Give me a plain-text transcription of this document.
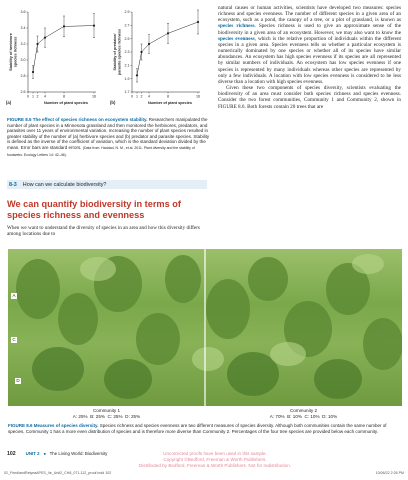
2.6
2.8
3.0
3.2
3.4
3.6
0 1 2 4	8	16
Stability of herbivorespecies richness
(a)	Number of plant species
1.7
1.9
2.1
2.3
2.5
2.7
2.9
0 1 2 4	8	16
Stability of predator/parasite species richness
(b)	Number of plant species
FIGURE 8.5 The effect of species richness on ecosystem stability. Researchers manipulated the number of plant species in a Minnesota grassland and then monitored the herbivores, predators, and parasites over 11 years of environmental variation. Increasing the number of plant species resulted in greater stability of the number of (a) herbivore species and (b) predator and parasite species. Stability is defined as the inverse of the coefficient of variation, which is the standard deviation divided by the mean. Error bars are standard errors. (Data from: Haddad, N. M., et al. 2011. Plant diversity and the stability of foodwebs. Ecology Letters 14: 42–46).
8-3 How can we calculate biodiversity?
We can quantify biodiversity in terms of species richness and evenness
When we want to understand the diversity of species in an area and how this diversity differs among locations due to
natural causes or human activities, scientists have developed two measures: species richness and species evenness. The number of different species in a given area of an ecosystem, such as a pond, the canopy of a tree, or a plot of grassland, is known as species richness. Species richness is used to give an approximate sense of the biodiversity in a given area of an ecosystem. However, we may also want to know the species evenness, which is the relative proportion of individuals within the different species in a given area. Species evenness tells us whether a particular ecosystem is numerically dominated by one species or whether all of its species have similar abundances. An ecosystem has high species evenness if its species are all represented by similar numbers of individuals. An ecosystem has low species evenness if one species is represented by many individuals whereas other species are represented by only a few individuals. A location with low species evenness is considered to be less diverse than a location with high species evenness.
Given these two components of species diversity, scientists evaluating the biodiversity of an area must consider both species richness and species evenness. Consider the two forest communities, Community 1 and Community 2, shown in FIGURE 8.6. Both forests contain 20 trees that are
A
C
D
Community 1
A: 25%  B: 25%  C: 25%  D: 25%
Community 2
A: 70%  B: 10%  C: 10%  D: 10%
FIGURE 8.6 Measures of species diversity. Species richness and species evenness are two different measures of species diversity. Although both communities contain the same number of species, Community 1 has a more even distribution of species and is therefore more diverse than Community 2. Percentages of the four tree species are provided below each community.
102 UNIT 2 ■ The Living World: Biodiversity	Uncorrected proofs have been used in this sample.
Copyright ©Bedford, Freeman & Worth Publishers.
Distributed by Bedford, Freeman & Worth Publishers. Not for redistribution.
02_FriedlandRelyeaAPES_4e_Unit2_CH8_071-112_proof.indd 102	10/06/22 2:26 PM
